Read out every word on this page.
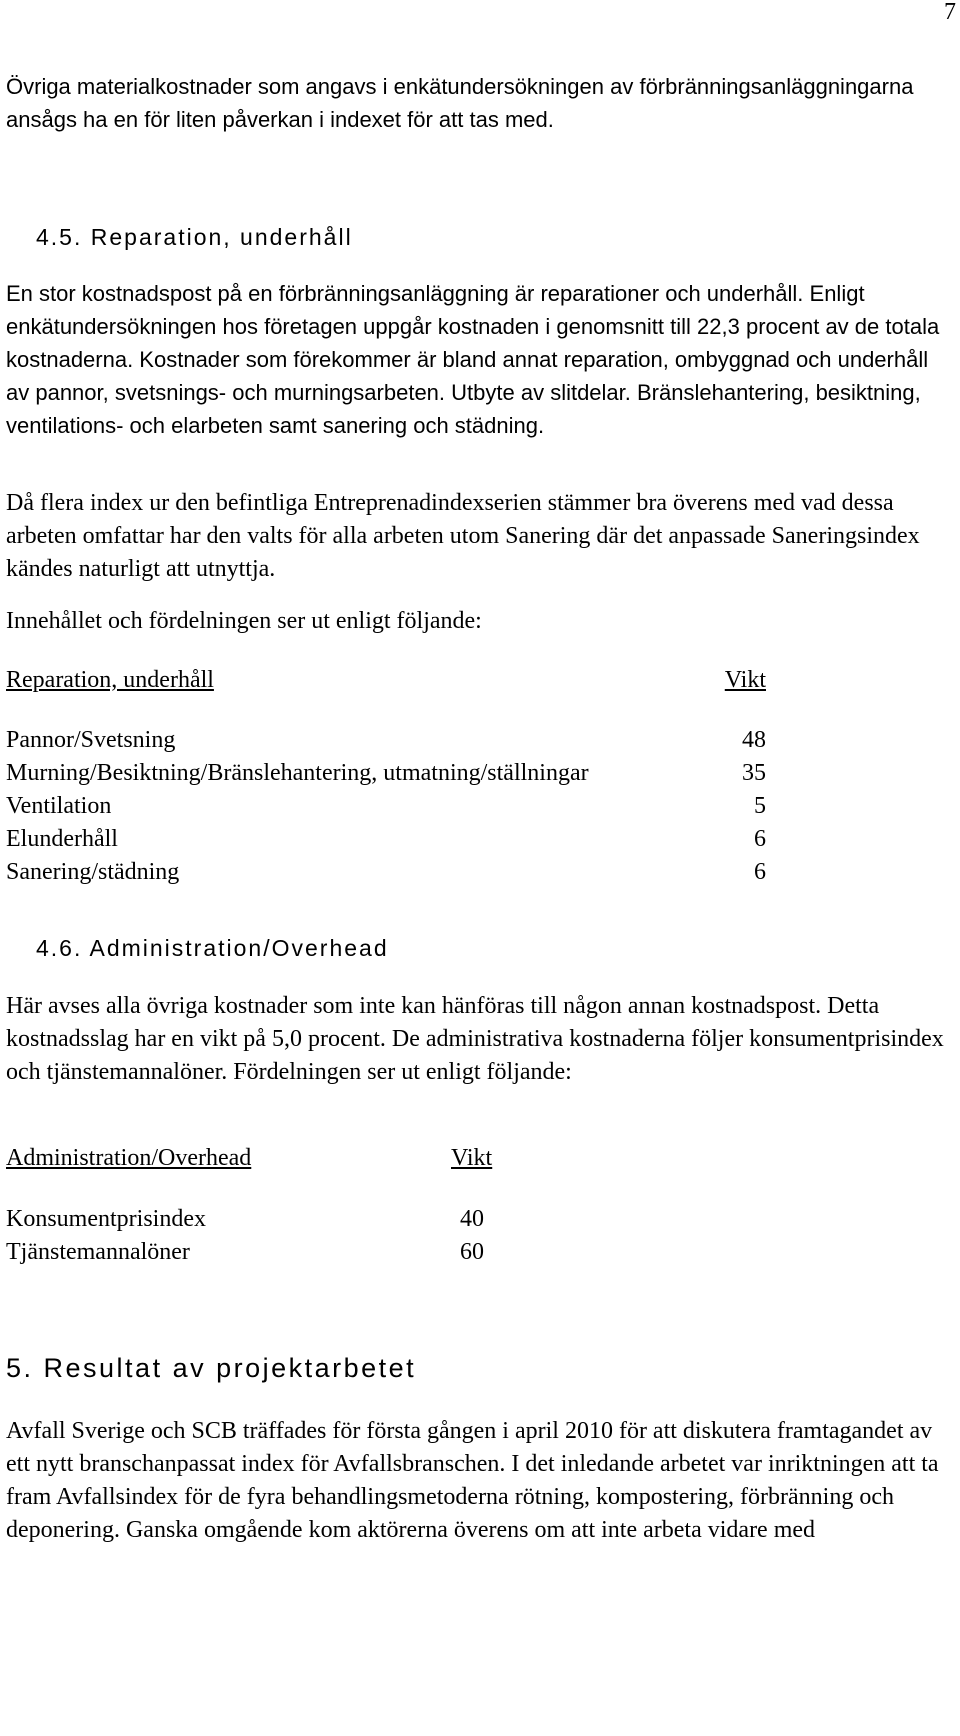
7

Övriga materialkostnader som angavs i enkätundersökningen av förbränningsanläggningarna ansågs ha en för liten påverkan i indexet för att tas med.

4.5. Reparation, underhåll

En stor kostnadspost på en förbränningsanläggning är reparationer och underhåll. Enligt enkätundersökningen hos företagen uppgår kostnaden i genomsnitt till 22,3 procent av de totala kostnaderna. Kostnader som förekommer är bland annat reparation, ombyggnad och underhåll av pannor, svetsnings- och murningsarbeten. Utbyte av slitdelar. Bränslehantering, besiktning, ventilations- och elarbeten samt sanering och städning.

Då flera index ur den befintliga Entreprenadindexserien stämmer bra överens med vad dessa arbeten omfattar har den valts för alla arbeten utom Sanering där det anpassade Saneringsindex kändes naturligt att utnyttja.

Innehållet och fördelningen ser ut enligt följande:

Reparation, underhåll	Vikt
Pannor/Svetsning	48
Murning/Besiktning/Bränslehantering, utmatning/ställningar	35
Ventilation	5
Elunderhåll	6
Sanering/städning	6
4.6. Administration/Overhead

Här avses alla övriga kostnader som inte kan hänföras till någon annan kostnadspost. Detta kostnadsslag har en vikt på 5,0 procent. De administrativa kostnaderna följer konsumentprisindex och tjänstemannalöner. Fördelningen ser ut enligt följande:

Administration/Overhead	Vikt
Konsumentprisindex	40
Tjänstemannalöner	60
5. Resultat av projektarbetet

Avfall Sverige och SCB träffades för första gången i april 2010 för att diskutera framtagandet av ett nytt branschanpassat index för Avfallsbranschen. I det inledande arbetet var inriktningen att ta fram Avfallsindex för de fyra behandlingsmetoderna rötning, kompostering, förbränning och deponering. Ganska omgående kom aktörerna överens om att inte arbeta vidare med
